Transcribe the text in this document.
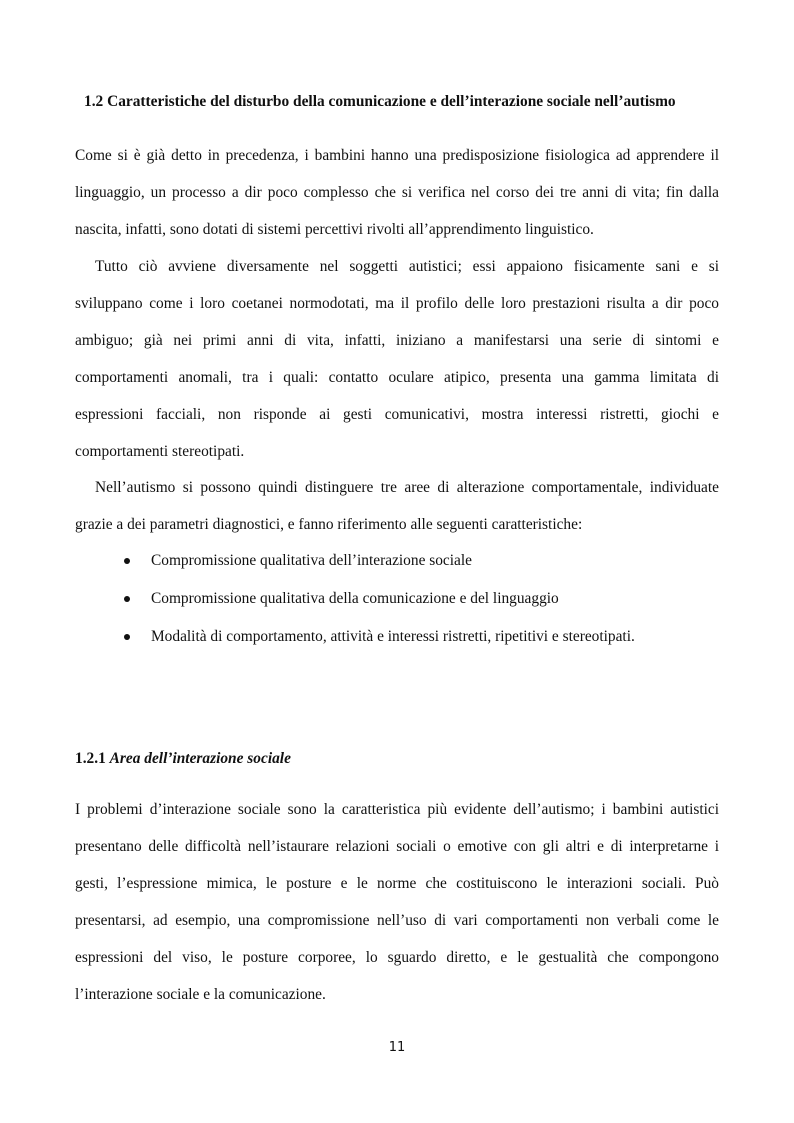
1.2 Caratteristiche del disturbo della comunicazione e dell’interazione sociale nell’autismo
Come si è già detto in precedenza, i bambini hanno una predisposizione fisiologica ad apprendere il
linguaggio, un processo a dir poco complesso che si verifica nel corso dei tre anni di vita; fin dalla
nascita, infatti, sono dotati di sistemi percettivi rivolti all’apprendimento linguistico.
Tutto ciò avviene diversamente nel soggetti autistici; essi appaiono fisicamente sani e si
sviluppano come i loro coetanei normodotati, ma il profilo delle loro prestazioni risulta a dir poco
ambiguo; già nei primi anni di vita, infatti, iniziano a manifestarsi una serie di sintomi e
comportamenti anomali, tra i quali: contatto oculare atipico, presenta una gamma limitata di
espressioni facciali, non risponde ai gesti comunicativi, mostra interessi ristretti, giochi e
comportamenti stereotipati.
Nell’autismo si possono quindi distinguere tre aree di alterazione comportamentale, individuate
grazie a dei parametri diagnostici, e fanno riferimento alle seguenti caratteristiche:
Compromissione qualitativa dell’interazione sociale
Compromissione qualitativa della comunicazione e del linguaggio
Modalità di comportamento, attività e interessi ristretti, ripetitivi e stereotipati.
1.2.1 Area dell’interazione sociale
I problemi d’interazione sociale sono la caratteristica più evidente dell’autismo; i bambini autistici
presentano delle difficoltà nell’istaurare relazioni sociali o emotive con gli altri e di interpretarne i
gesti, l’espressione mimica, le posture e le norme che costituiscono le interazioni sociali. Può
presentarsi, ad esempio, una compromissione nell’uso di vari comportamenti non verbali come le
espressioni del viso, le posture corporee, lo sguardo diretto, e le gestualità che compongono
l’interazione sociale e la comunicazione.
11
